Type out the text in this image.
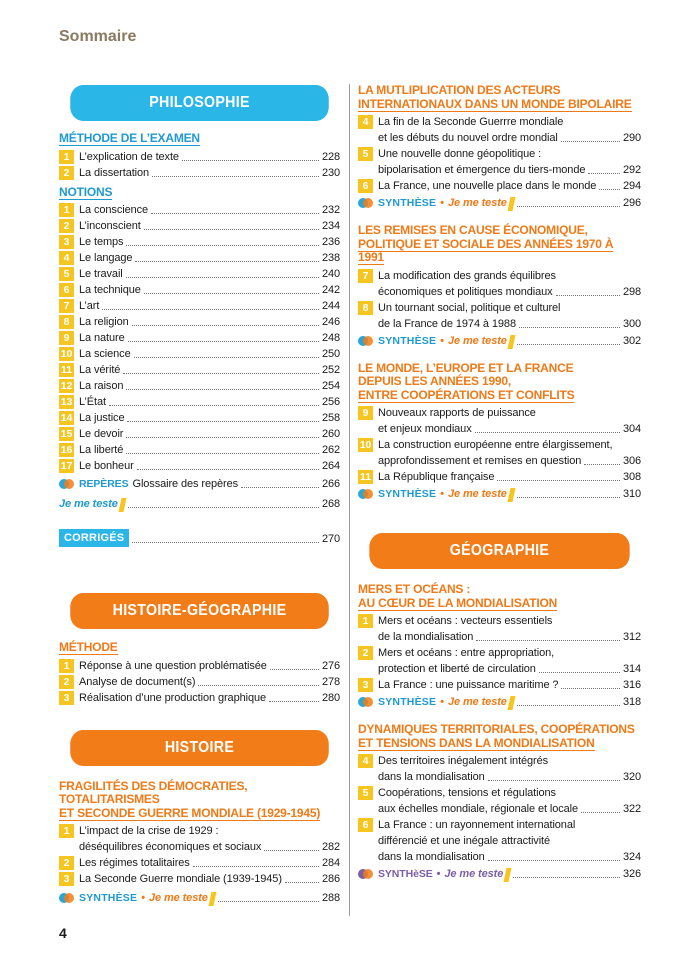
Sommaire
PHILOSOPHIE
MÉTHODE DE L’EXAMEN
1 L’explication de texte	228
2 La dissertation	230
NOTIONS
1 La conscience	232
2 L’inconscient	234
3 Le temps	236
4 Le langage	238
5 Le travail	240
6 La technique	242
7 L’art	244
8 La religion	246
9 La nature	248
10 La science	250
11 La vérité	252
12 La raison	254
13 L’État	256
14 La justice	258
15 Le devoir	260
16 La liberté	262
17 Le bonheur	264
REPÈRES Glossaire des repères	266
Je me teste	268
CORRIGÉS	270
HISTOIRE-GÉOGRAPHIE
MÉTHODE
1 Réponse à une question problématisée	276
2 Analyse de document(s)	278
3 Réalisation d’une production graphique	280
HISTOIRE
FRAGILITÉS DES DÉMOCRATIES, TOTALITARISMES
ET SECONDE GUERRE MONDIALE (1929-1945)
1 L’impact de la crise de 1929 :
déséquilibres économiques et sociaux	282
2 Les régimes totalitaires	284
3 La Seconde Guerre mondiale (1939-1945)	286
SYNTHÈSE • Je me teste	288
LA MUTLIPLICATION DES ACTEURS
INTERNATIONAUX DANS UN MONDE BIPOLAIRE
4 La fin de la Seconde Guerrre mondiale
et les débuts du nouvel ordre mondial	290
5 Une nouvelle donne géopolitique :
bipolarisation et émergence du tiers-monde	292
6 La France, une nouvelle place dans le monde 294
SYNTHÈSE • Je me teste	296
LES REMISES EN CAUSE ÉCONOMIQUE,
POLITIQUE ET SOCIALE DES ANNÉES 1970 À 1991
7 La modification des grands équilibres
économiques et politiques mondiaux	298
8 Un tournant social, politique et culturel
de la France de 1974 à 1988	300
SYNTHÈSE • Je me teste	302
LE MONDE, L’EUROPE ET LA FRANCE
DEPUIS LES ANNÉES 1990,
ENTRE COOPÉRATIONS ET CONFLITS
9 Nouveaux rapports de puissance
et enjeux mondiaux	304
10 La construction européenne entre élargissement,
approfondissement et remises en question	306
11 La République française	308
SYNTHÈSE • Je me teste	310
GÉOGRAPHIE
MERS ET OCÉANS :
AU CŒUR DE LA MONDIALISATION
1 Mers et océans : vecteurs essentiels
de la mondialisation	312
2 Mers et océans : entre appropriation,
protection et liberté de circulation	314
3 La France : une puissance maritime ?	316
SYNTHÈSE • Je me teste	318
DYNAMIQUES TERRITORIALES, COOPÉRATIONS
ET TENSIONS DANS LA MONDIALISATION
4 Des territoires inégalement intégrés
dans la mondialisation	320
5 Coopérations, tensions et régulations
aux échelles mondiale, régionale et locale	322
6 La France : un rayonnement international
différencié et une inégale attractivité
dans la mondialisation	324
SYNTHèSE • Je me teste	326
4
